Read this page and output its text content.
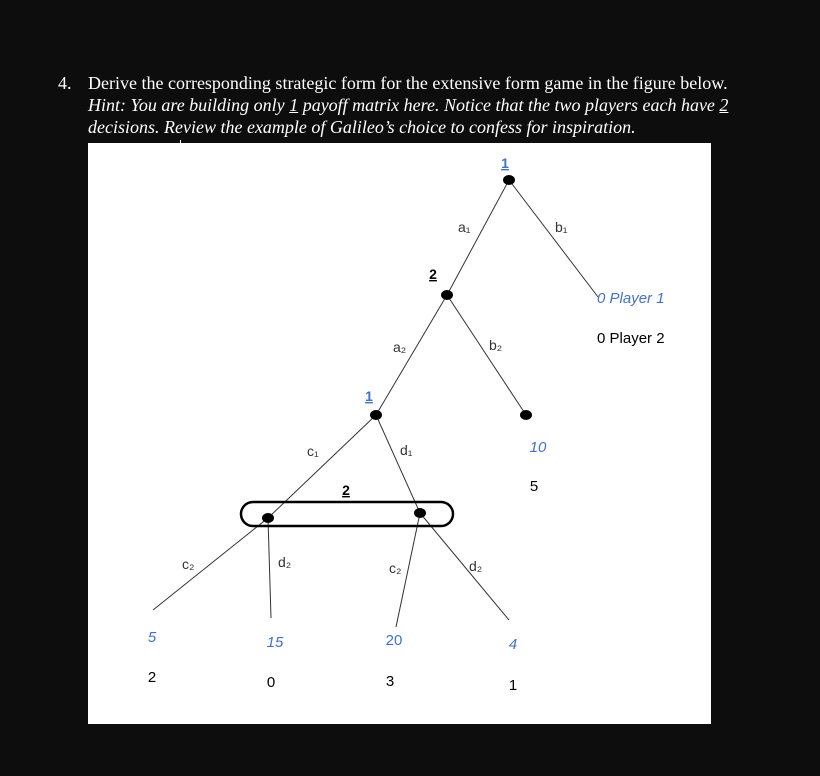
4. Derive the corresponding strategic form for the extensive form game in the figure below.
Hint: You are building only 1 payoff matrix here. Notice that the two players each have 2
decisions. Review the example of Galileo’s choice to confess for inspiration.
1
2
1
2
a₁	b₁
a₂	b₂
c₁	d₁
c₂	d₂	c₂	d₂
0 Player 1
0 Player 2
10
5
5
2
15
0
20
3
4
1
